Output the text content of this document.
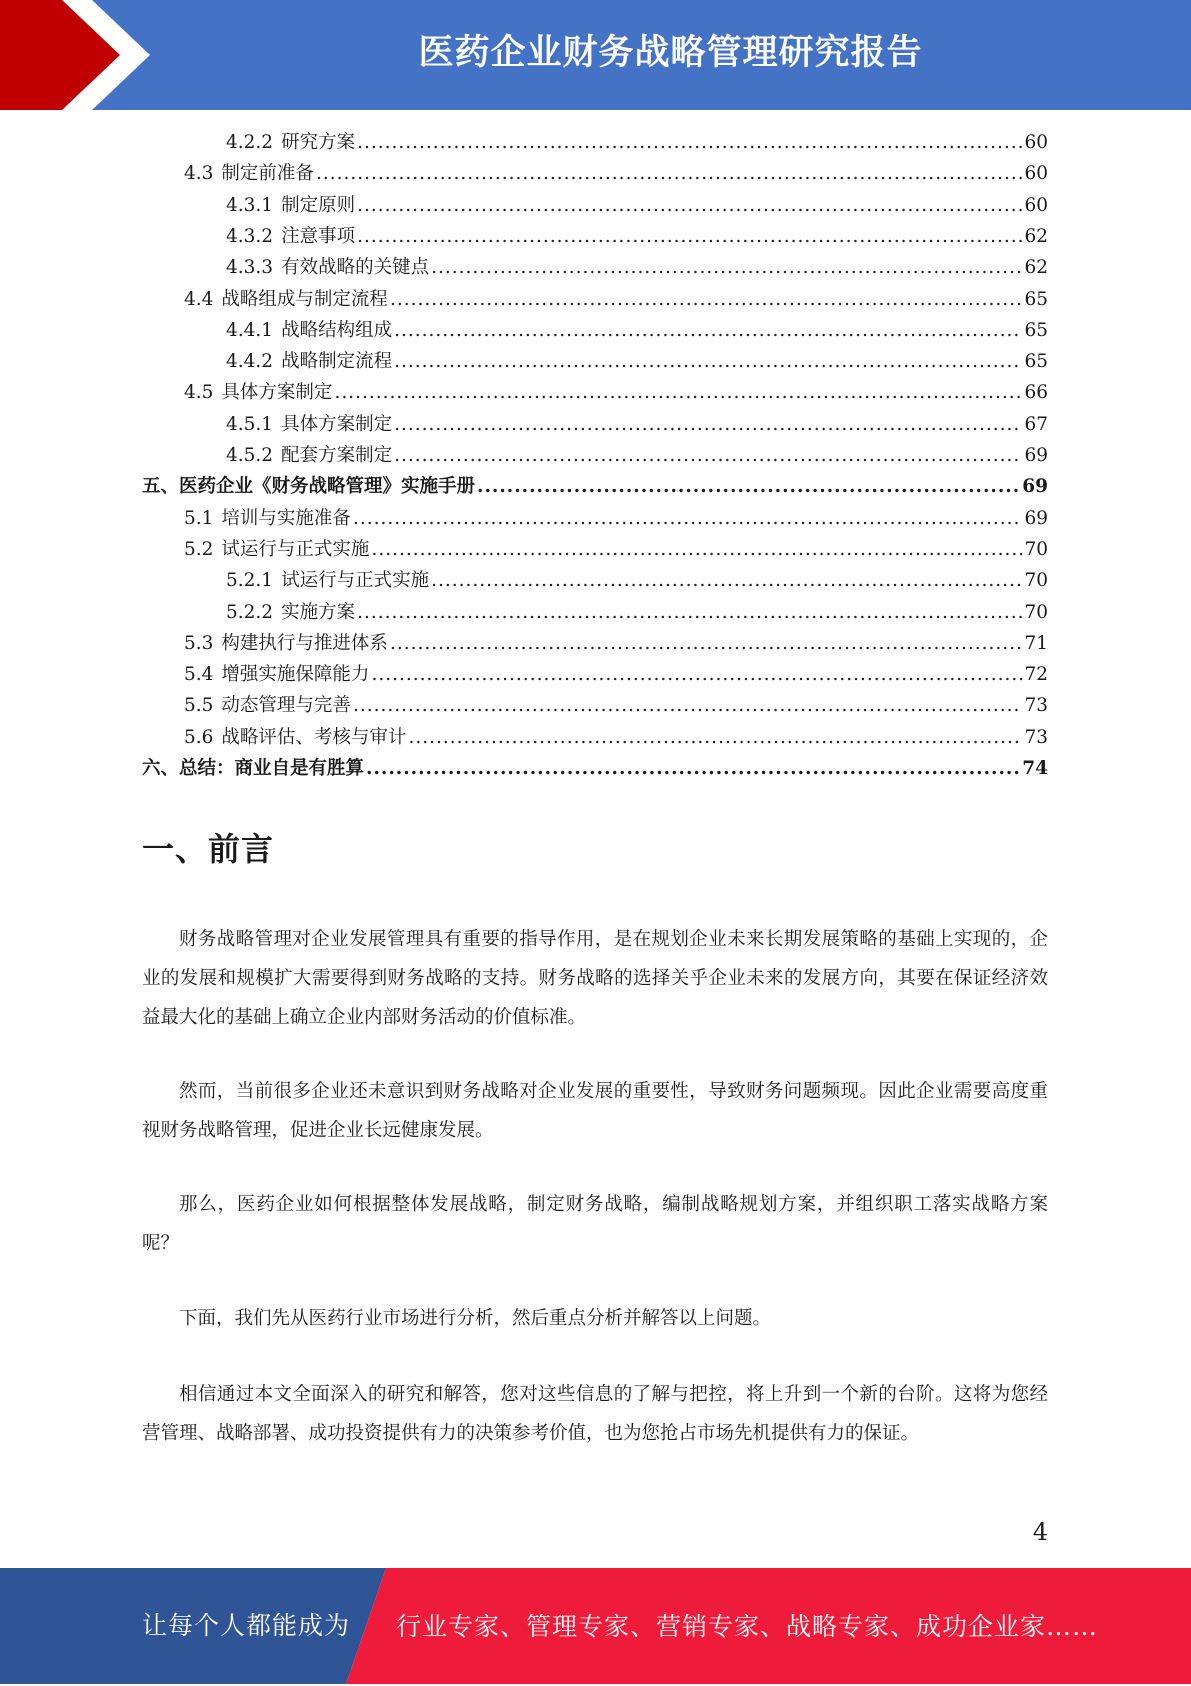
医药企业财务战略管理研究报告
4.2.2 研究方案 .....	60
4.3 制定前准备 .....	60
4.3.1 制定原则 .....	60
4.3.2 注意事项 .....	62
4.3.3 有效战略的关键点 .....	62
4.4 战略组成与制定流程 .....	65
4.4.1 战略结构组成 .....	65
4.4.2 战略制定流程 .....	65
4.5 具体方案制定 .....	66
4.5.1 具体方案制定 .....	67
4.5.2 配套方案制定 .....	69
五、医药企业《财务战略管理》实施手册 .....	69
5.1 培训与实施准备 .....	69
5.2 试运行与正式实施 .....	70
5.2.1 试运行与正式实施 .....	70
5.2.2 实施方案 .....	70
5.3 构建执行与推进体系 .....	71
5.4 增强实施保障能力 .....	72
5.5 动态管理与完善 .....	73
5.6 战略评估、考核与审计 .....	73
六、总结：商业自是有胜算 .....	74
一、前言

财务战略管理对企业发展管理具有重要的指导作用，是在规划企业未来长期发展策略的基础上实现的，企业的发展和规模扩大需要得到财务战略的支持。财务战略的选择关乎企业未来的发展方向，其要在保证经济效益最大化的基础上确立企业内部财务活动的价值标准。

然而，当前很多企业还未意识到财务战略对企业发展的重要性，导致财务问题频现。因此企业需要高度重视财务战略管理，促进企业长远健康发展。

那么，医药企业如何根据整体发展战略，制定财务战略，编制战略规划方案，并组织职工落实战略方案呢？

下面，我们先从医药行业市场进行分析，然后重点分析并解答以上问题。

相信通过本文全面深入的研究和解答，您对这些信息的了解与把控，将上升到一个新的台阶。这将为您经营管理、战略部署、成功投资提供有力的决策参考价值，也为您抢占市场先机提供有力的保证。

4
让每个人都能成为 行业专家、管理专家、营销专家、战略专家、成功企业家……
